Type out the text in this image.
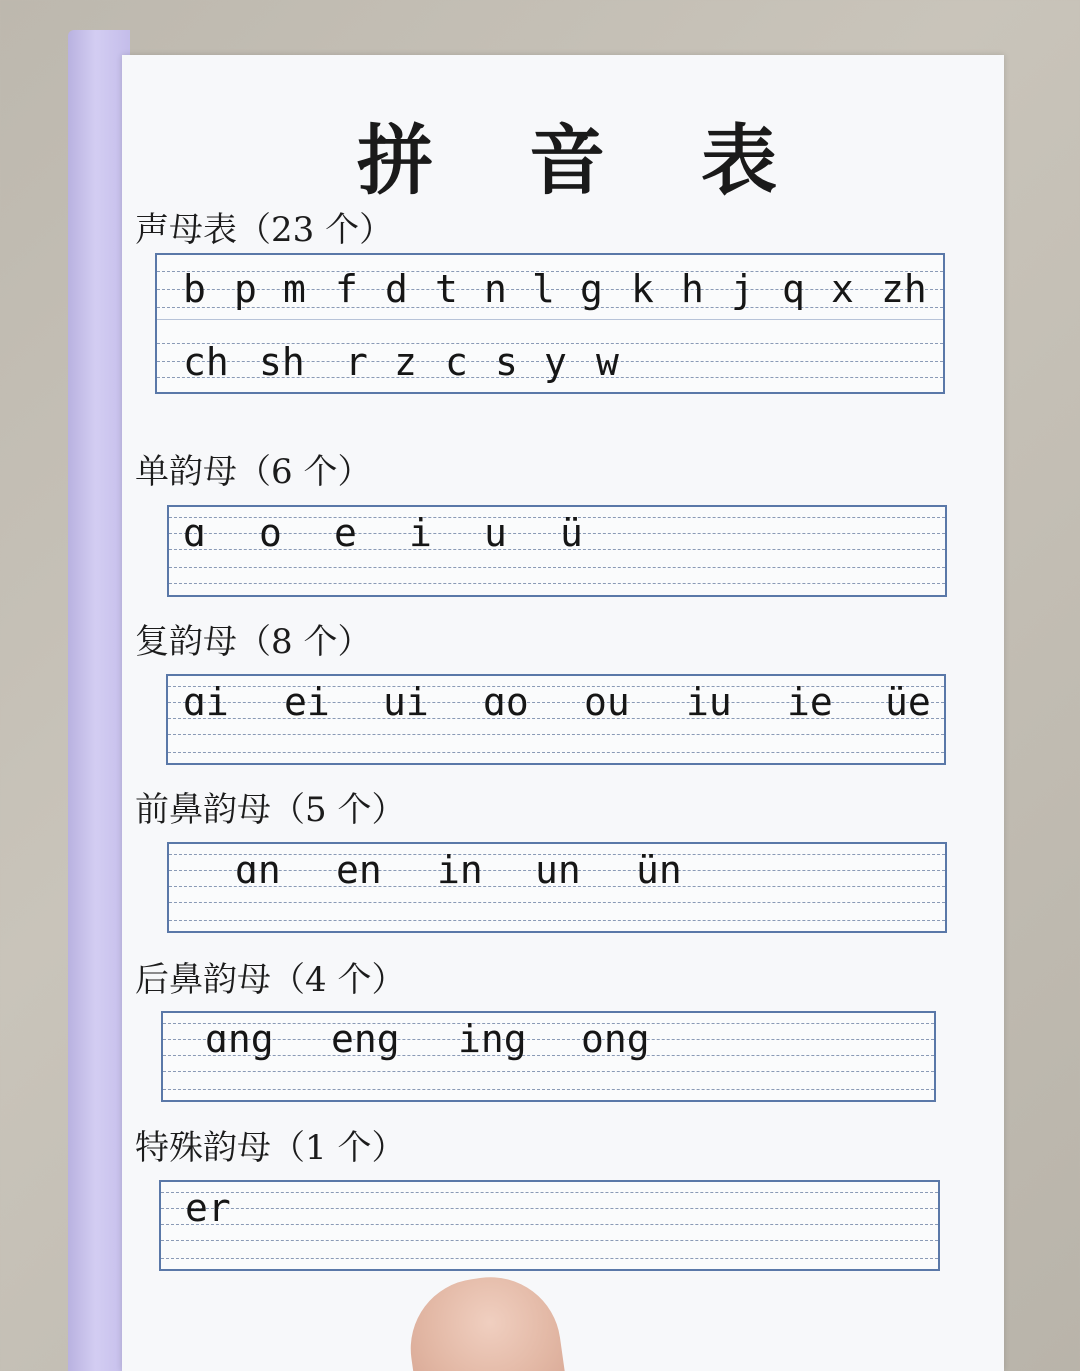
拼 音 表
声母表（23 个）
b p m f d t n l g k h j q x zh
ch sh r z c s y w
单韵母（6 个）
ɑ o e i u ü
复韵母（8 个）
ɑi ei ui ɑo ou iu ie üe
前鼻韵母（5 个）
ɑn en in un ün
后鼻韵母（4 个）
ɑng eng ing ong
特殊韵母（1 个）
er
